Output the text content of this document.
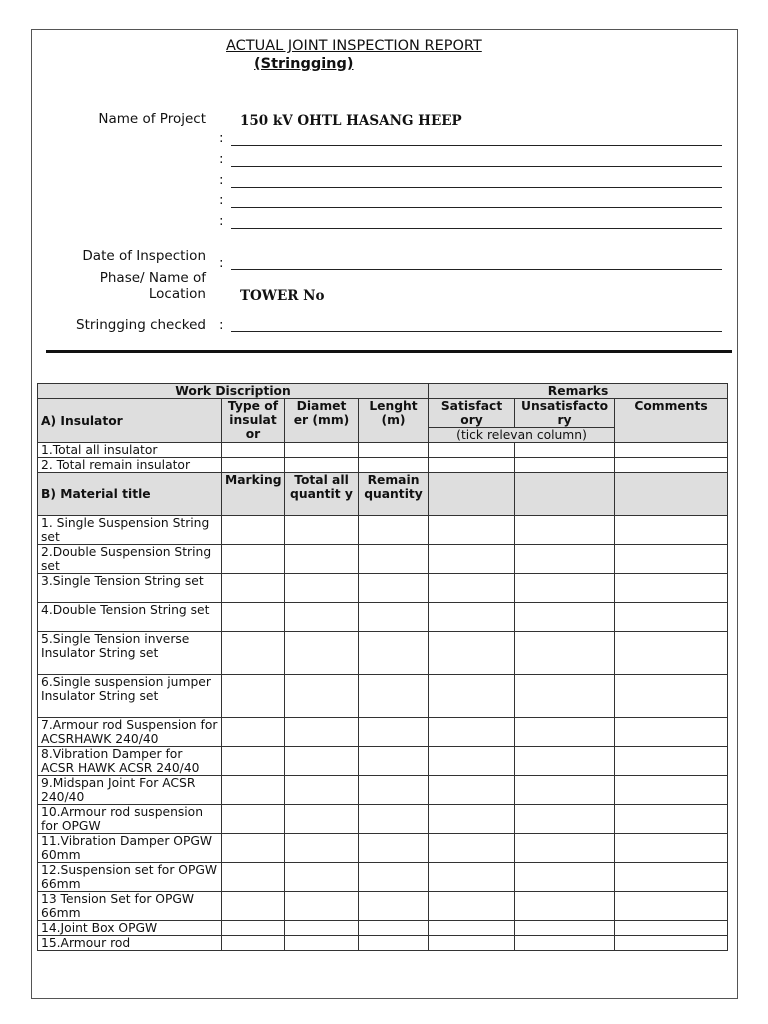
ACTUAL JOINT INSPECTION REPORT
(Stringging)
Name of Project	150 kV OHTL HASANG HEEP
:
:
:
:
:
Date of Inspection :
Phase/ Name of
Location	TOWER No
Stringging checked :
Work Discription				Remarks		
A) Insulator	Type of insulat or	Diamet er (mm)	Lenght (m)	Satisfact ory	Unsatisfacto ry	Comments
				(tick relevan column)		
1.Total all insulator						
2. Total remain insulator						
B) Material title	Marking	Total all quantit y	Remain quantity			
1. Single Suspension String set						
2.Double Suspension String set						
3.Single Tension String set						
4.Double Tension String set						
5.Single Tension inverse Insulator String set						
6.Single suspension jumper Insulator String set						
7.Armour rod Suspension for ACSRHAWK 240/40						
8.Vibration Damper for ACSR HAWK ACSR 240/40						
9.Midspan Joint For ACSR 240/40						
10.Armour rod suspension for OPGW						
11.Vibration Damper OPGW 60mm						
12.Suspension set for OPGW 66mm						
13 Tension Set for OPGW 66mm						
14.Joint Box OPGW						
15.Armour rod						
